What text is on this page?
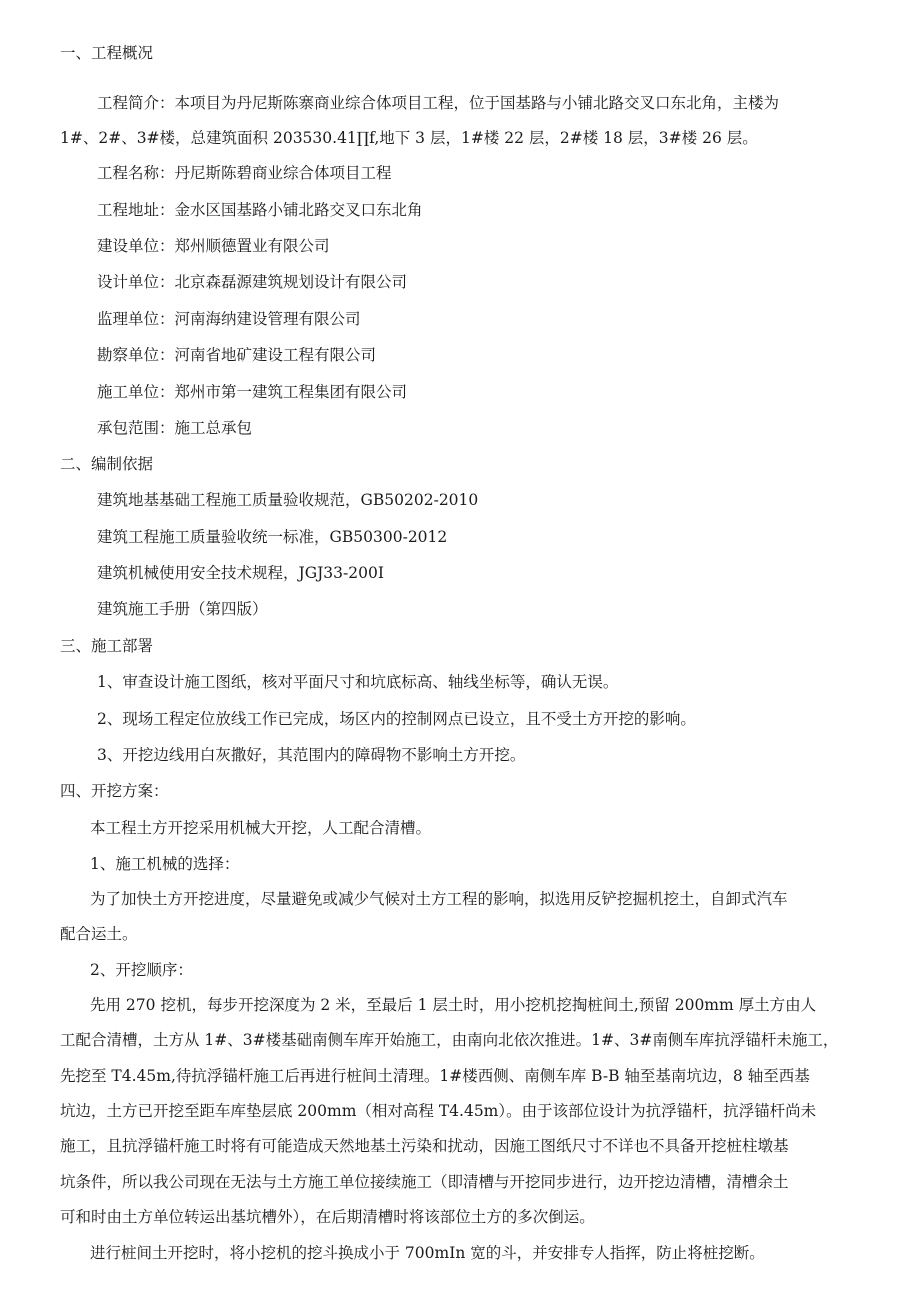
一、工程概况
工程简介：本项目为丹尼斯陈寨商业综合体项目工程，位于国基路与小铺北路交叉口东北角，主楼为
1#、2#、3#楼，总建筑面积 203530.41∏f,地下 3 层，1#楼 22 层，2#楼 18 层，3#楼 26 层。
工程名称：丹尼斯陈碧商业综合体项目工程
工程地址：金水区国基路小铺北路交叉口东北角
建设单位：郑州顺德置业有限公司
设计单位：北京森磊源建筑规划设计有限公司
监理单位：河南海纳建设管理有限公司
勘察单位：河南省地矿建设工程有限公司
施工单位：郑州市第一建筑工程集团有限公司
承包范围：施工总承包
二、编制依据
建筑地基基础工程施工质量验收规范，GB50202-2010
建筑工程施工质量验收统一标准，GB50300-2012
建筑机械使用安全技术规程，JGJ33-200I
建筑施工手册（第四版）
三、施工部署
1、审查设计施工图纸，核对平面尺寸和坑底标高、轴线坐标等，确认无误。
2、现场工程定位放线工作已完成，场区内的控制网点已设立，且不受土方开挖的影响。
3、开挖边线用白灰撒好，其范围内的障碍物不影响土方开挖。
四、开挖方案：
本工程土方开挖采用机械大开挖，人工配合清槽。
1、施工机械的选择：
为了加快土方开挖进度，尽量避免或减少气候对土方工程的影响，拟选用反铲挖掘机挖土，自卸式汽车
配合运土。
2、开挖顺序：
先用 270 挖机，每步开挖深度为 2 米，至最后 1 层土时，用小挖机挖掏桩间土,预留 200mm 厚土方由人
工配合清槽，土方从 1#、3#楼基础南侧车库开始施工，由南向北依次推进。1#、3#南侧车库抗浮锚杆未施工，
先挖至 T4.45m,待抗浮锚杆施工后再进行桩间土清理。1#楼西侧、南侧车库 B-B 轴至基南坑边，8 轴至西基
坑边，土方已开挖至距车库垫层底 200mm（相对高程 T4.45m）。由于该部位设计为抗浮锚杆，抗浮锚杆尚未
施工，且抗浮锚杆施工时将有可能造成天然地基土污染和扰动，因施工图纸尺寸不详也不具备开挖桩柱墩基
坑条件，所以我公司现在无法与土方施工单位接续施工（即清槽与开挖同步进行，边开挖边清槽，清槽余土
可和时由土方单位转运出基坑槽外），在后期清槽时将该部位土方的多次倒运。
进行桩间土开挖时，将小挖机的挖斗换成小于 700mIn 宽的斗，并安排专人指挥，防止将桩挖断。
